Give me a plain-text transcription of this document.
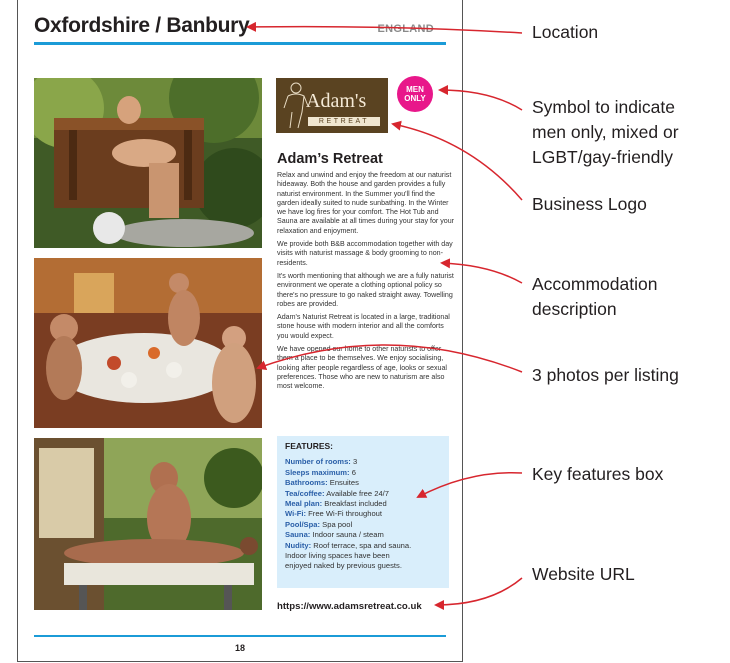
Oxfordshire / Banbury	ENGLAND
Adam's
RETREAT
MEN
ONLY
Adam’s Retreat

Relax and unwind and enjoy the freedom at our naturist hideaway. Both the house and garden provides a fully naturist environment. In the Summer you'll find the garden ideally suited to nude sunbathing. In the Winter we have log fires for your comfort. The Hot Tub and Sauna are available at all times during your stay for your relaxation and enjoyment.

We provide both B&B accommodation together with day visits with naturist massage & body grooming to non-residents.

It's worth mentioning that although we are a fully naturist environment we operate a clothing optional policy so there's no pressure to go naked straight away. Towelling robes are provided.

Adam's Naturist Retreat is located in a large, traditional stone house with modern interior and all the comforts you would expect.

We have opened our home to other naturists to offer them a place to be themselves. We enjoy socialising, looking after people regardless of age, looks or sexual preferences. Those who are new to naturism are also most welcome.

FEATURES:
Number of rooms: 3
Sleeps maximum: 6
Bathrooms: Ensuites
Tea/coffee: Available free 24/7
Meal plan: Breakfast included
Wi-Fi: Free Wi-Fi throughout
Pool/Spa: Spa pool
Sauna: Indoor sauna / steam
Nudity: Roof terrace, spa and sauna.
Indoor living spaces have been
enjoyed naked by previous guests.
https://www.adamsretreat.co.uk
18
Location
Symbol to indicate
men only, mixed or
LGBT/gay-friendly
Business Logo
Accommodation
description
3 photos per listing
Key features box
Website URL
